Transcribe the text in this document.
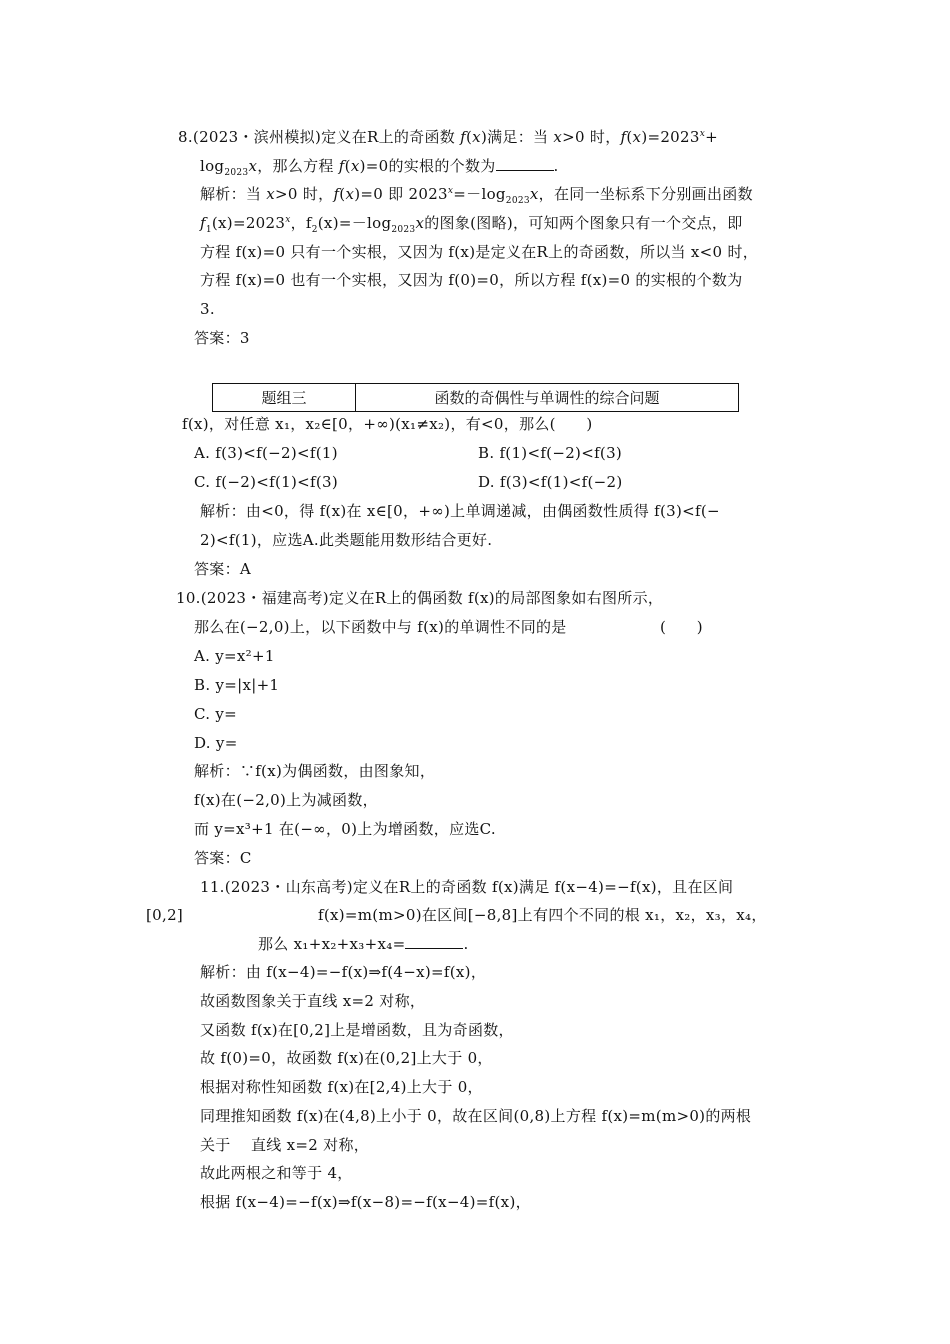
8.(2023・滨州模拟)定义在R上的奇函数 f(x)满足：当 x>0 时，$f(x)=2023^x+$
$\log_{2023}x$，那么方程 f(x)=0的实根的个数为	.
解析：当 x>0 时，f(x)=0 即 $2023^x=-\log_{2023}x$，在同一坐标系下分别画出函数
$f_1(x)=2023^x$，$f_2(x)=-\log_{2023}x$的图象(图略)，可知两个图象只有一个交点，即
方程 f(x)=0 只有一个实根，又因为 f(x)是定义在R上的奇函数，所以当 x<0 时，
方程 f(x)=0 也有一个实根，又因为 f(0)=0，所以方程 f(x)=0 的实根的个数为
3.
答案：3
题组三	函数的奇偶性与单调性的综合问题
f(x)，对任意 x₁，x₂∈[0，+∞)(x₁≠x₂)，有<0，那么(　　)
A. f(3)<f(−2)<f(1)	B. f(1)<f(−2)<f(3)
C. f(−2)<f(1)<f(3)	D. f(3)<f(1)<f(−2)
解析：由<0，得 f(x)在 x∈[0，+∞)上单调递减，由偶函数性质得 f(3)<f(−
2)<f(1)，应选A.此类题能用数形结合更好.
答案：A
10.(2023・福建高考)定义在R上的偶函数 f(x)的局部图象如右图所示，
那么在(−2,0)上，以下函数中与 f(x)的单调性不同的是	(　　)
A. y=x²+1
B. y=|x|+1
C. y=
D. y=
解析：∵f(x)为偶函数，由图象知，
f(x)在(−2,0)上为减函数，
而 y=x³+1 在(−∞，0)上为增函数，应选C.
答案：C
11.(2023・山东高考)定义在R上的奇函数 f(x)满足 f(x−4)=−f(x)，且在区间
[0,2]	f(x)=m(m>0)在区间[−8,8]上有四个不同的根 x₁，x₂，x₃，x₄，
那么 x₁+x₂+x₃+x₄=	.
解析：由 f(x−4)=−f(x)⇒f(4−x)=f(x)，
故函数图象关于直线 x=2 对称，
又函数 f(x)在[0,2]上是增函数，且为奇函数，
故 f(0)=0，故函数 f(x)在(0,2]上大于 0，
根据对称性知函数 f(x)在[2,4)上大于 0，
同理推知函数 f(x)在(4,8)上小于 0，故在区间(0,8)上方程 f(x)=m(m>0)的两根
关于　 直线 x=2 对称，
故此两根之和等于 4，
根据 f(x−4)=−f(x)⇒f(x−8)=−f(x−4)=f(x)，
